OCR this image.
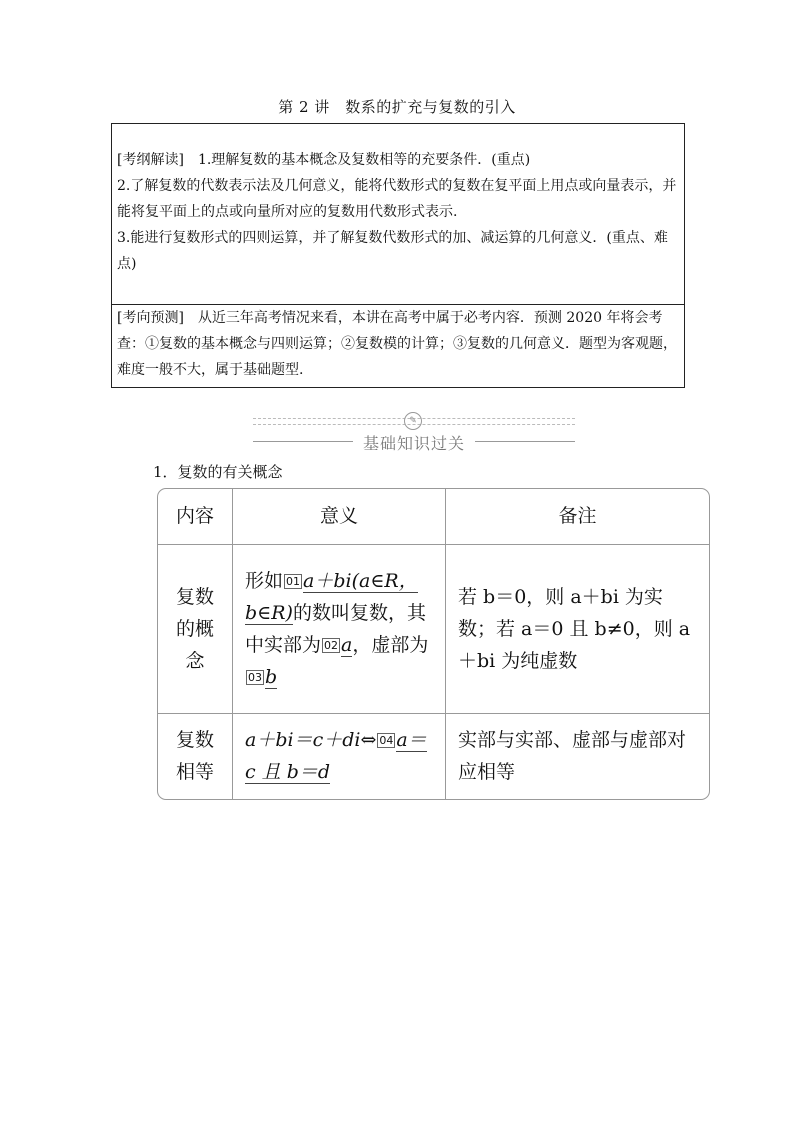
第 2 讲　数系的扩充与复数的引入
[考纲解读] 1.理解复数的基本概念及复数相等的充要条件．(重点)
2.了解复数的代数表示法及几何意义，能将代数形式的复数在复平面上用点或向量表示，并能将复平面上的点或向量所对应的复数用代数形式表示.
3.能进行复数形式的四则运算，并了解复数代数形式的加、减运算的几何意义．(重点、难点)
[考向预测] 从近三年高考情况来看，本讲在高考中属于必考内容．预测 2020 年将会考查：①复数的基本概念与四则运算；②复数模的计算；③复数的几何意义．题型为客观题，难度一般不大，属于基础题型.
✎
基础知识过关
1．复数的有关概念
内容	意义	备注
复数的概念	形如 01 a＋bi(a∈R，b∈R)的数叫复数，其中实部为 02 a，虚部为03 b	若 b＝0，则 a＋bi 为实数；若 a＝0 且 b≠0，则 a＋bi 为纯虚数
复数相等	a＋bi＝c＋di⇔ 04 a＝c 且 b＝d	实部与实部、虚部与虚部对应相等
